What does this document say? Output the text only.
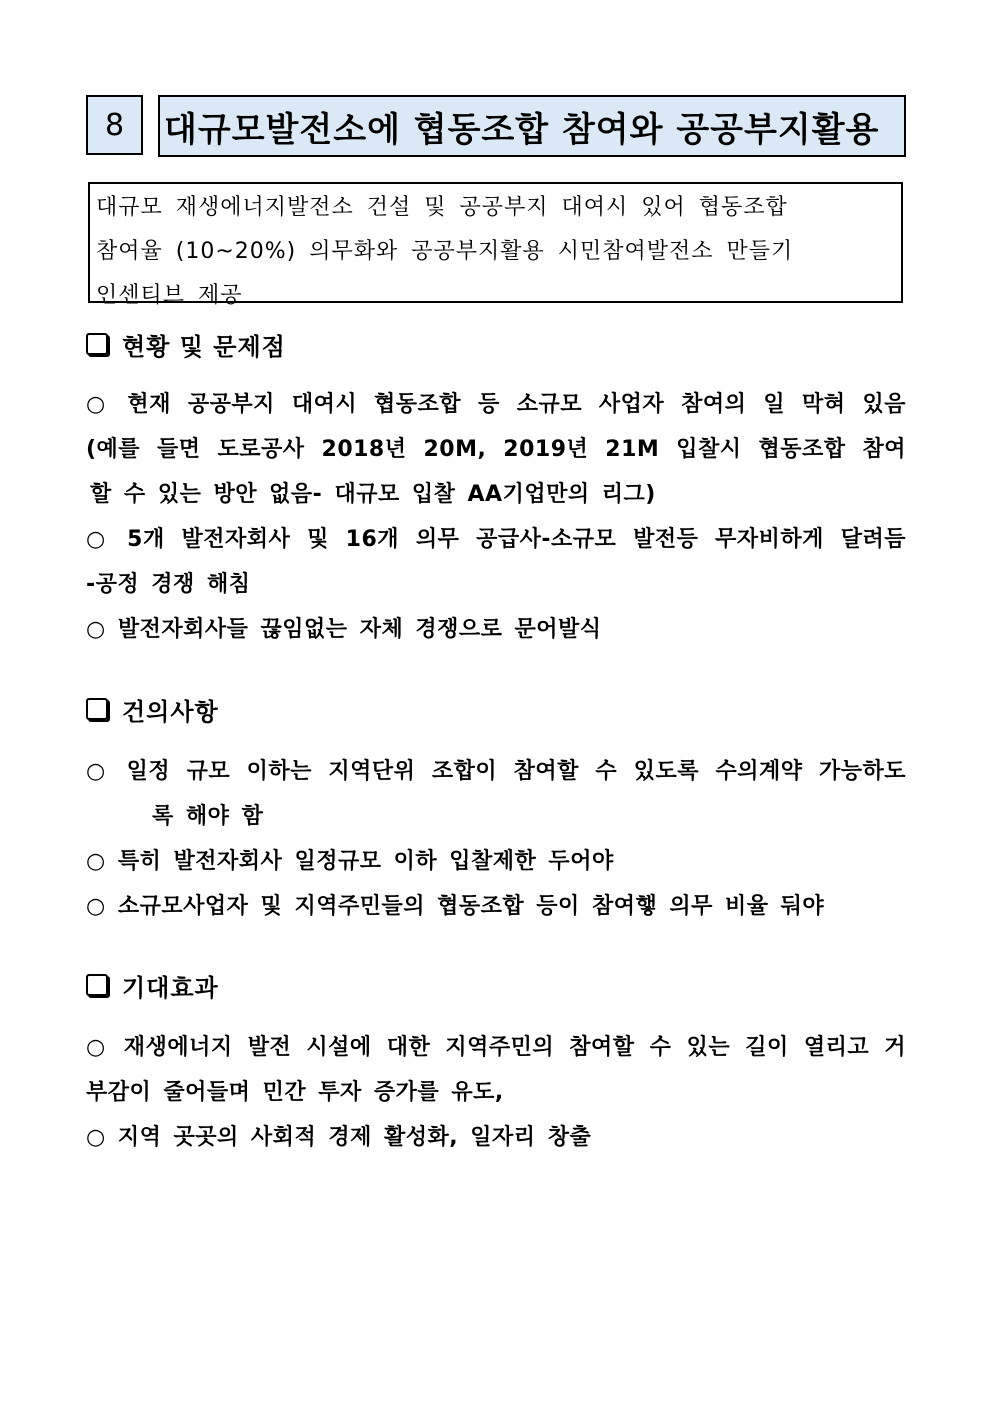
8	대규모발전소에 협동조합 참여와 공공부지활용
대규모 재생에너지발전소 건설 및 공공부지 대여시 있어 협동조합
참여율 (10~20%) 의무화와 공공부지활용 시민참여발전소 만들기
인센티브 제공
현황 및 문제점
○ 현재 공공부지 대여시 협동조합 등 소규모 사업자 참여의 일 막혀 있음
(예를 들면 도로공사 2018년 20M, 2019년 21M 입찰시 협동조합 참여
할 수 있는 방안 없음- 대규모 입찰 AA기업만의 리그)
○ 5개 발전자회사 및 16개 의무 공급사-소규모 발전등 무자비하게 달려듬
-공정 경쟁 해침
○ 발전자회사들 끊임없는 자체 경쟁으로 문어발식
건의사항
○ 일정 규모 이하는 지역단위 조합이 참여할 수 있도록 수의계약 가능하도
록 해야 함
○ 특히 발전자회사 일정규모 이하 입찰제한 두어야
○ 소규모사업자 및 지역주민들의 협동조합 등이 참여햏 의무 비율 둬야
기대효과
○ 재생에너지 발전 시설에 대한 지역주민의 참여할 수 있는 길이 열리고 거
부감이 줄어들며 민간 투자 증가를 유도,
○ 지역 곳곳의 사회적 경제 활성화, 일자리 창출
